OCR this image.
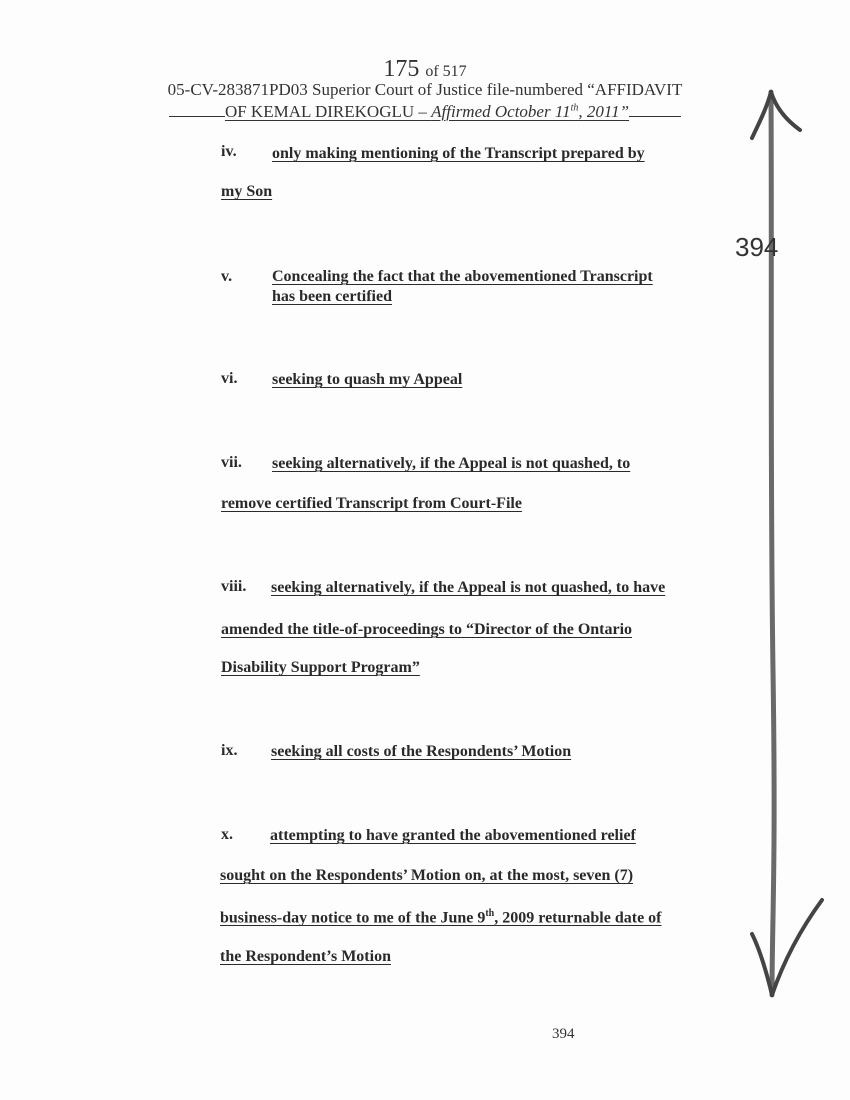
175 of 517
05-CV-283871PD03 Superior Court of Justice file-numbered “AFFIDAVIT
OF KEMAL DIREKOGLU – Affirmed October 11th, 2011”
iv. only making mentioning of the Transcript prepared by
my Son
v. Concealing the fact that the abovementioned Transcript
has been certified
vi. seeking to quash my Appeal
vii. seeking alternatively, if the Appeal is not quashed, to
remove certified Transcript from Court-File
viii. seeking alternatively, if the Appeal is not quashed, to have
amended the title-of-proceedings to “Director of the Ontario
Disability Support Program”
ix. seeking all costs of the Respondents’ Motion
x. attempting to have granted the abovementioned relief
sought on the Respondents’ Motion on, at the most, seven (7)
business-day notice to me of the June 9th, 2009 returnable date of
the Respondent’s Motion
394
394
